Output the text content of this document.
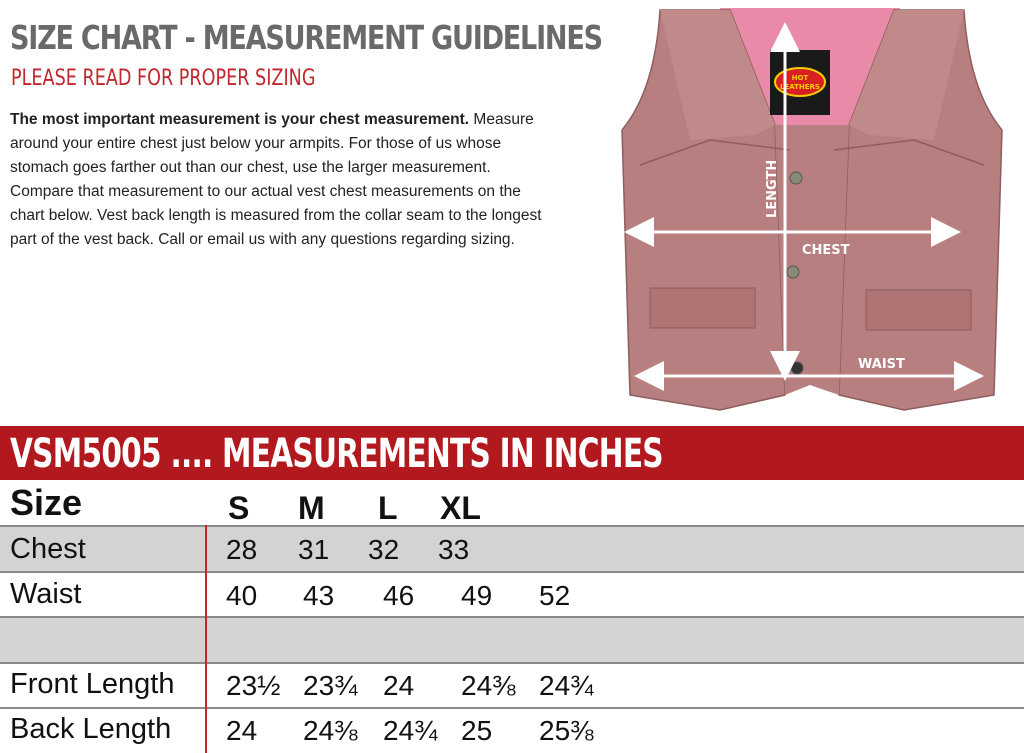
SIZE CHART - MEASUREMENT GUIDELINES
PLEASE READ FOR PROPER SIZING
The most important measurement is your chest measurement. Measure around your entire chest just below your armpits. For those of us whose stomach goes farther out than our chest, use the larger measurement. Compare that measurement to our actual vest chest measurements on the chart below. Vest back length is measured from the collar seam to the longest part of the vest back. Call or email us with any questions regarding sizing.
HOT
LEATHERS
LENGTH
CHEST
WAIST
VSM5005 .... MEASUREMENTS IN INCHES
Size	S M L XL
Chest	28 31 32 33
Waist	40 43 46 49 52
Front Length 23½ 23¾ 24 24⅜ 24¾
Back Length 24 24⅜ 24¾ 25 25⅜
